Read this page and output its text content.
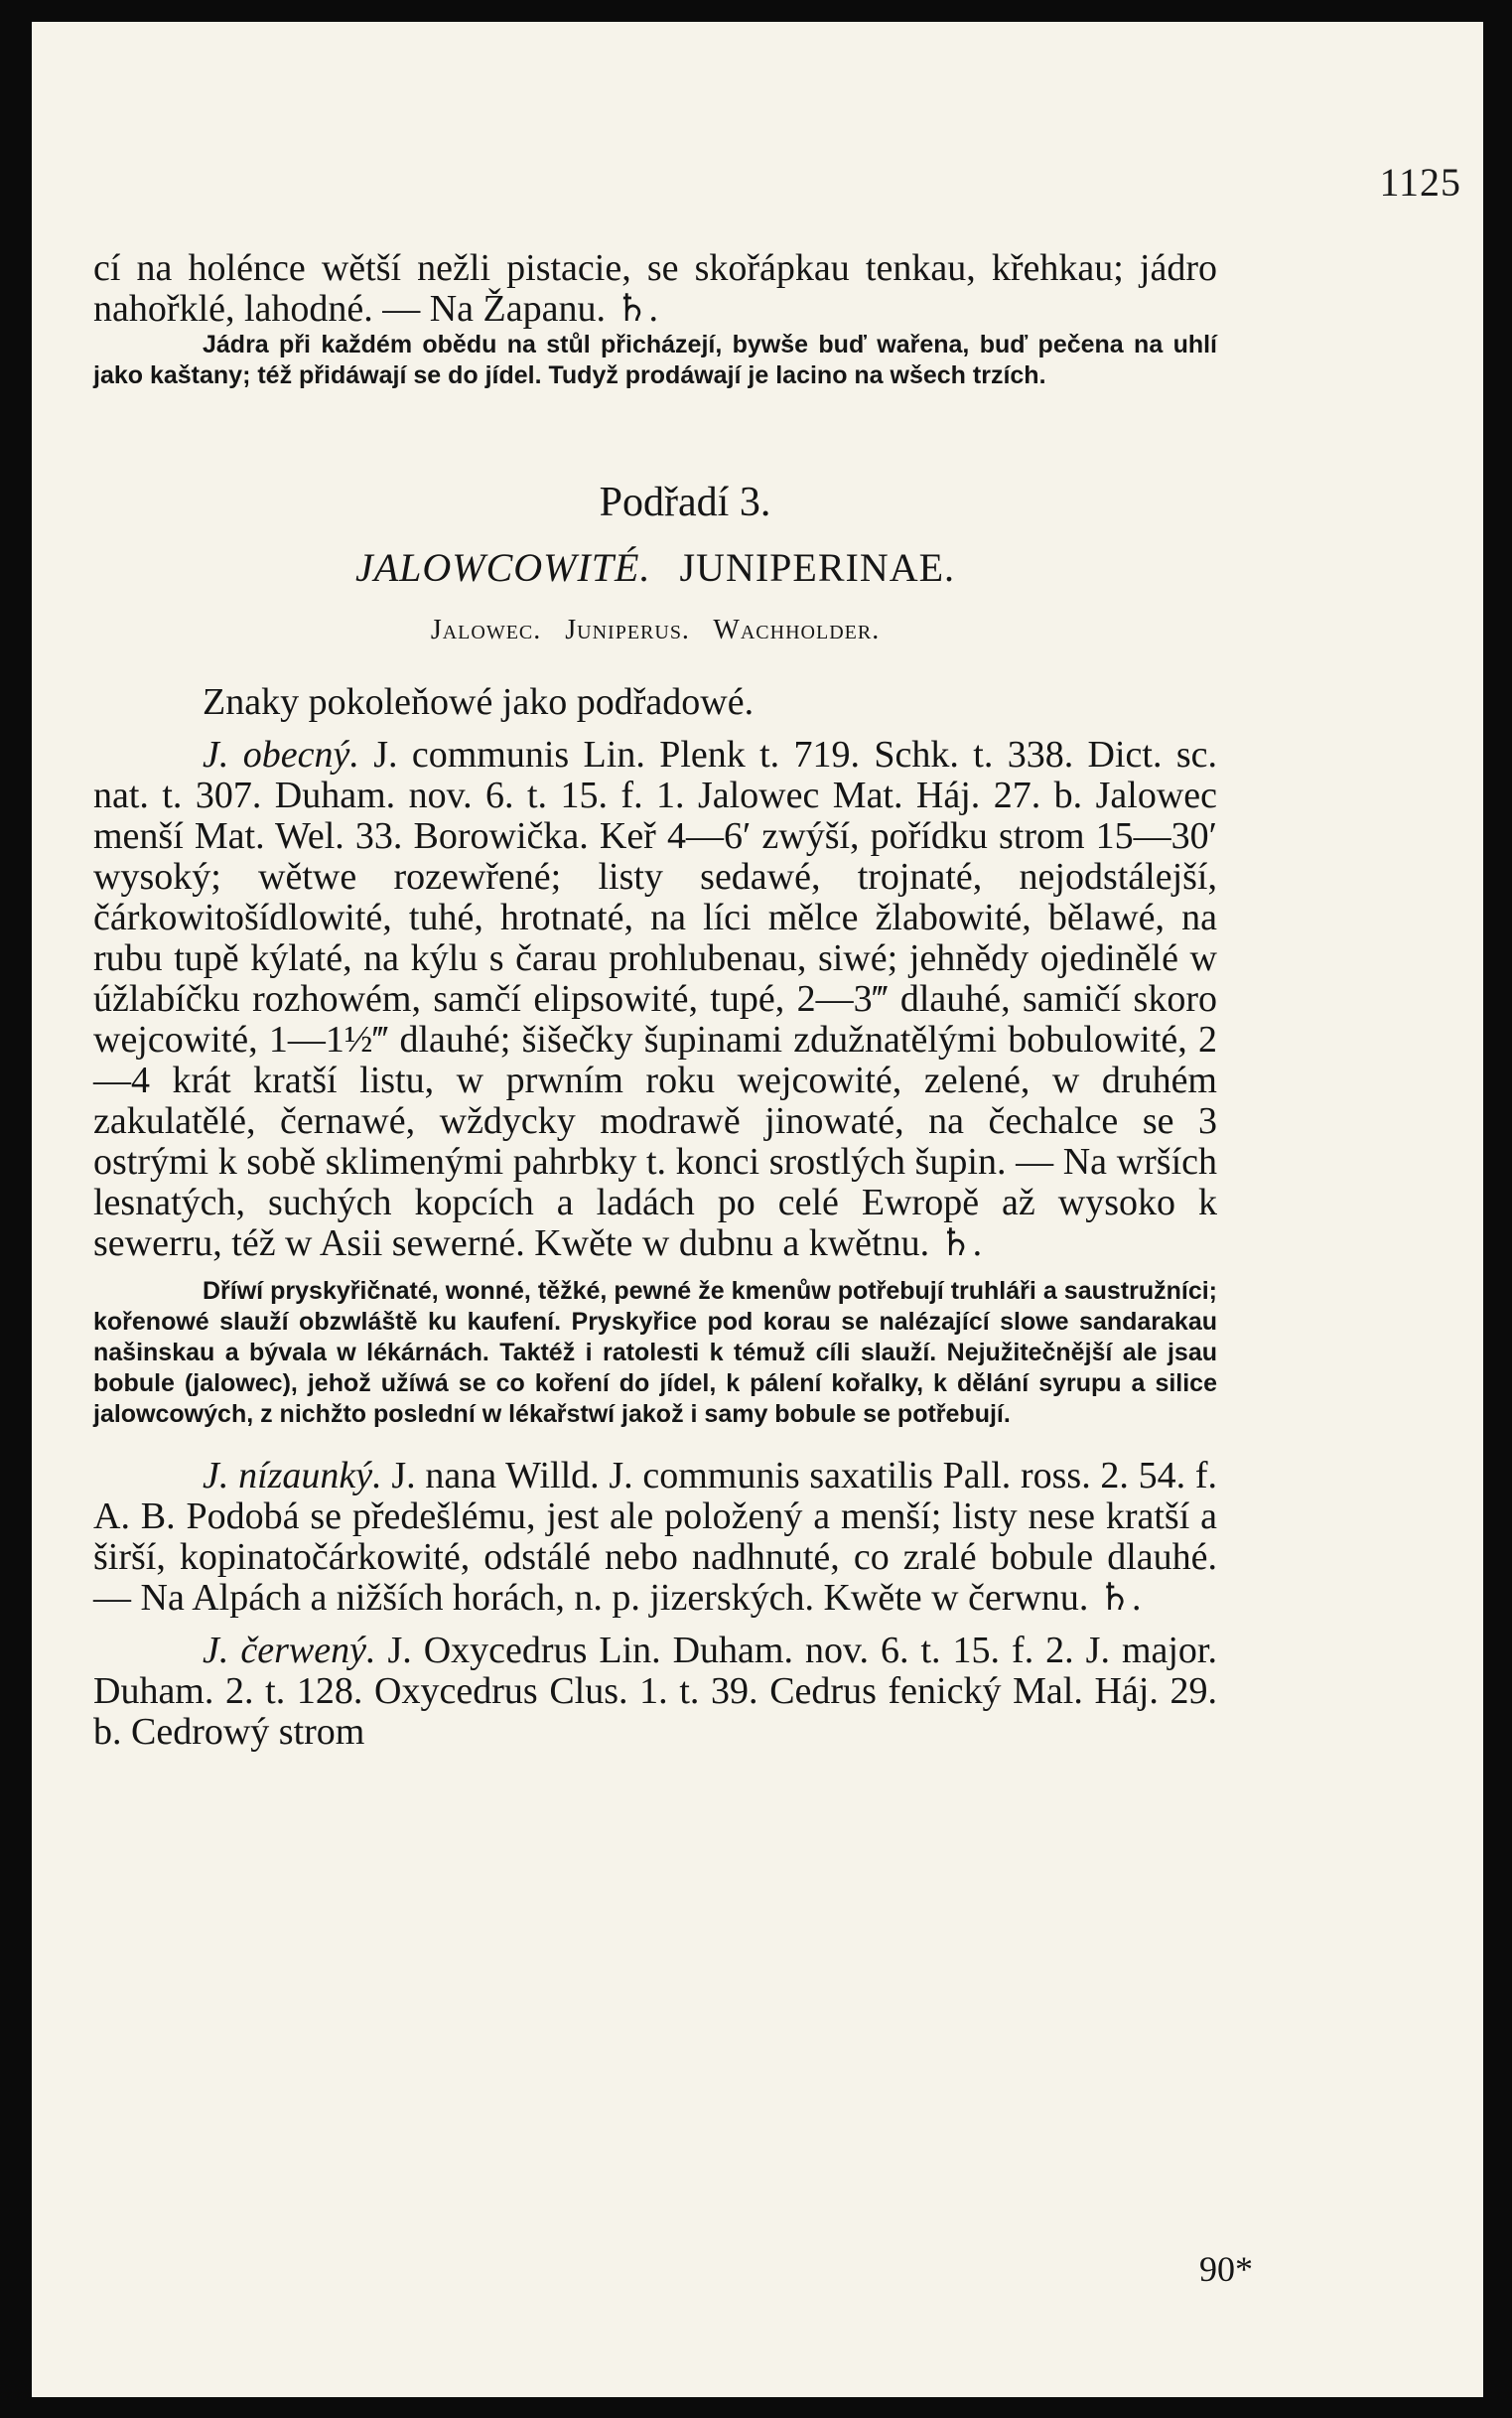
1125

cí na holénce wětší nežli pistacie, se skořápkau tenkau, křehkau; jádro nahořklé, lahodné. — Na Žapanu. ♄.

Jádra při každém obědu na stůl přicházejí, bywše buď wařena, buď pečena na uhlí jako kaštany; též přidáwají se do jídel. Tudyž prodáwají je lacino na wšech trzích.

Podřadí 3.

JALOWCOWITÉ. JUNIPERINAE.

Jalowec. Juniperus. Wachholder.

Znaky pokoleňowé jako podřadowé.

J. obecný. J. communis Lin. Plenk t. 719. Schk. t. 338. Dict. sc. nat. t. 307. Duham. nov. 6. t. 15. f. 1. Jalowec Mat. Háj. 27. b. Jalowec menší Mat. Wel. 33. Borowička. Keř 4—6′ zwýší, pořídku strom 15—30′ wysoký; wětwe rozewřené; listy sedawé, trojnaté, nejodstálejší, čárkowitošídlowité, tuhé, hrotnaté, na líci mělce žlabowité, bělawé, na rubu tupě kýlaté, na kýlu s čarau prohlubenau, siwé; jehnědy ojedinělé w úžlabíčku rozhowém, samčí elipsowité, tupé, 2—3‴ dlauhé, samičí skoro wejcowité, 1—1½‴ dlauhé; šišečky šupinami zdužnatělými bobulowité, 2—4 krát kratší listu, w prwním roku wejcowité, zelené, w druhém zakulatělé, černawé, wždycky modrawě jinowaté, na čechalce se 3 ostrými k sobě sklimenými pahrbky t. konci srostlých šupin. — Na wrších lesnatých, suchých kopcích a ladách po celé Ewropě až wysoko k sewerru, též w Asii sewerné. Kwěte w dubnu a kwětnu. ♄.

Dříwí pryskyřičnaté, wonné, těžké, pewné že kmenůw potřebují truhláři a saustružníci; kořenowé slauží obzwláště ku kaufení. Pryskyřice pod korau se nalézající slowe sandarakau našinskau a bývala w lékárnách. Taktéž i ratolesti k témuž cíli slauží. Nejužitečnější ale jsau bobule (jalowec), jehož užíwá se co koření do jídel, k pálení kořalky, k dělání syrupu a silice jalowcowých, z nichžto poslední w lékařstwí jakož i samy bobule se potřebují.

J. nízaunký. J. nana Willd. J. communis saxatilis Pall. ross. 2. 54. f. A. B. Podobá se předešlému, jest ale položený a menší; listy nese kratší a širší, kopinatočárkowité, odstálé nebo nadhnuté, co zralé bobule dlauhé. — Na Alpách a nižších horách, n. p. jizerských. Kwěte w čerwnu. ♄.

J. čerwený. J. Oxycedrus Lin. Duham. nov. 6. t. 15. f. 2. J. major. Duham. 2. t. 128. Oxycedrus Clus. 1. t. 39. Cedrus fenický Mal. Háj. 29. b. Cedrowý strom

90*
